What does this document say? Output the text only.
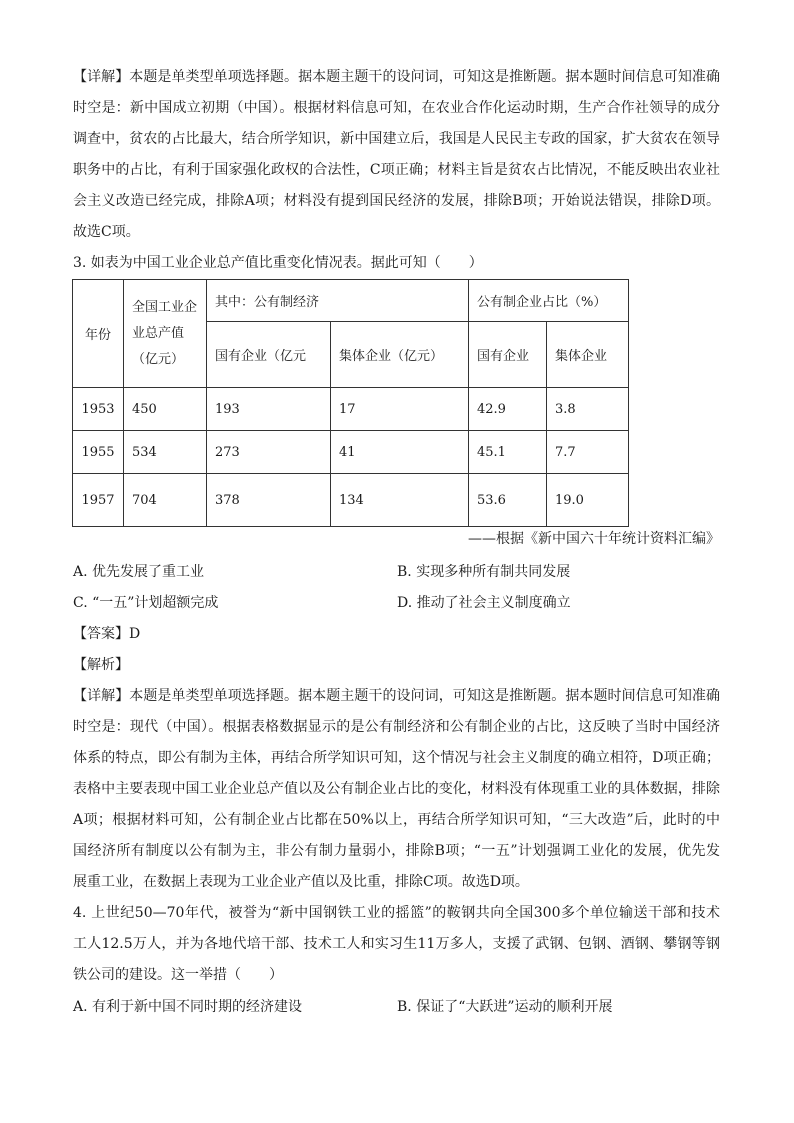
【详解】本题是单类型单项选择题。据本题主题干的设问词，可知这是推断题。据本题时间信息可知准确
时空是：新中国成立初期（中国）。根据材料信息可知，在农业合作化运动时期，生产合作社领导的成分
调查中，贫农的占比最大，结合所学知识，新中国建立后，我国是人民民主专政的国家，扩大贫农在领导
职务中的占比，有利于国家强化政权的合法性，C项正确；材料主旨是贫农占比情况，不能反映出农业社
会主义改造已经完成，排除A项；材料没有提到国民经济的发展，排除B项；开始说法错误，排除D项。
故选C项。
3. 如表为中国工业企业总产值比重变化情况表。据此可知（　　）
年份	全国工业企
业总产值
（亿元）	其中：公有制经济		公有制企业占比（%）	
		国有企业（亿元	集体企业（亿元）	国有企业	集体企业
1953	450	193	17	42.9	3.8
1955	534	273	41	45.1	7.7
1957	704	378	134	53.6	19.0
——根据《新中国六十年统计资料汇编》
A. 优先发展了重工业	B. 实现多种所有制共同发展
C. “一五”计划超额完成	D. 推动了社会主义制度确立
【答案】D
【解析】
【详解】本题是单类型单项选择题。据本题主题干的设问词，可知这是推断题。据本题时间信息可知准确
时空是：现代（中国）。根据表格数据显示的是公有制经济和公有制企业的占比，这反映了当时中国经济
体系的特点，即公有制为主体，再结合所学知识可知，这个情况与社会主义制度的确立相符，D项正确；
表格中主要表现中国工业企业总产值以及公有制企业占比的变化，材料没有体现重工业的具体数据，排除
A项；根据材料可知，公有制企业占比都在50%以上，再结合所学知识可知，“三大改造”后，此时的中
国经济所有制度以公有制为主，非公有制力量弱小，排除B项；“一五”计划强调工业化的发展，优先发
展重工业，在数据上表现为工业企业产值以及比重，排除C项。故选D项。
4. 上世纪50—70年代，被誉为“新中国钢铁工业的摇篮”的鞍钢共向全国300多个单位输送干部和技术
工人12.5万人，并为各地代培干部、技术工人和实习生11万多人，支援了武钢、包钢、酒钢、攀钢等钢
铁公司的建设。这一举措（　　）
A. 有利于新中国不同时期的经济建设	B. 保证了“大跃进”运动的顺利开展
